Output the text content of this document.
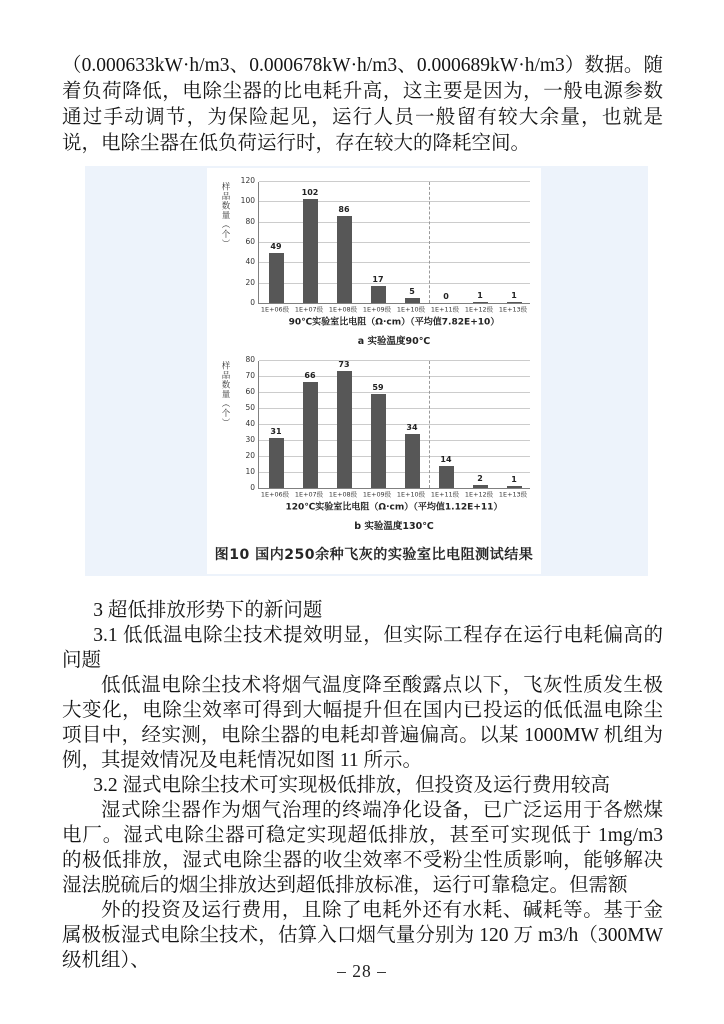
（0.000633kW·h/m3、0.000678kW·h/m3、0.000689kW·h/m3）数据。随着负荷降低，电除尘器的比电耗升高，这主要是因为，一般电源参数通过手动调节，为保险起见，运行人员一般留有较大余量，也就是说，电除尘器在低负荷运行时，存在较大的降耗空间。

样品数量（个）
0
20
40
60
80
100
120
49
102
86
17
5
0	1	1
1E+06级 1E+07级 1E+08级 1E+09级 1E+10级 1E+11级 1E+12级 1E+13级
90℃实验室比电阻（Ω·cm）（平均值7.82E+10）
a 实验温度90℃
样品数量（个）
0
10
20
30
40
50
60
70
80
31
66
73
59
34
14
2	1
1E+06级 1E+07级 1E+08级 1E+09级 1E+10级 1E+11级 1E+12级 1E+13级
120℃实验室比电阻（Ω·cm）（平均值1.12E+11）
b 实验温度130℃
图10 国内250余种飞灰的实验室比电阻测试结果

3 超低排放形势下的新问题

3.1 低低温电除尘技术提效明显，但实际工程存在运行电耗偏高的问题

低低温电除尘技术将烟气温度降至酸露点以下，飞灰性质发生极大变化，电除尘效率可得到大幅提升但在国内已投运的低低温电除尘项目中，经实测，电除尘器的电耗却普遍偏高。以某 1000MW 机组为例，其提效情况及电耗情况如图 11 所示。

3.2 湿式电除尘技术可实现极低排放，但投资及运行费用较高

湿式除尘器作为烟气治理的终端净化设备，已广泛运用于各燃煤电厂。湿式电除尘器可稳定实现超低排放，甚至可实现低于 1mg/m3 的极低排放，湿式电除尘器的收尘效率不受粉尘性质影响，能够解决湿法脱硫后的烟尘排放达到超低排放标准，运行可靠稳定。但需额

外的投资及运行费用，且除了电耗外还有水耗、碱耗等。基于金属极板湿式电除尘技术，估算入口烟气量分别为 120 万 m3/h（300MW 级机组）、	– 28 –
